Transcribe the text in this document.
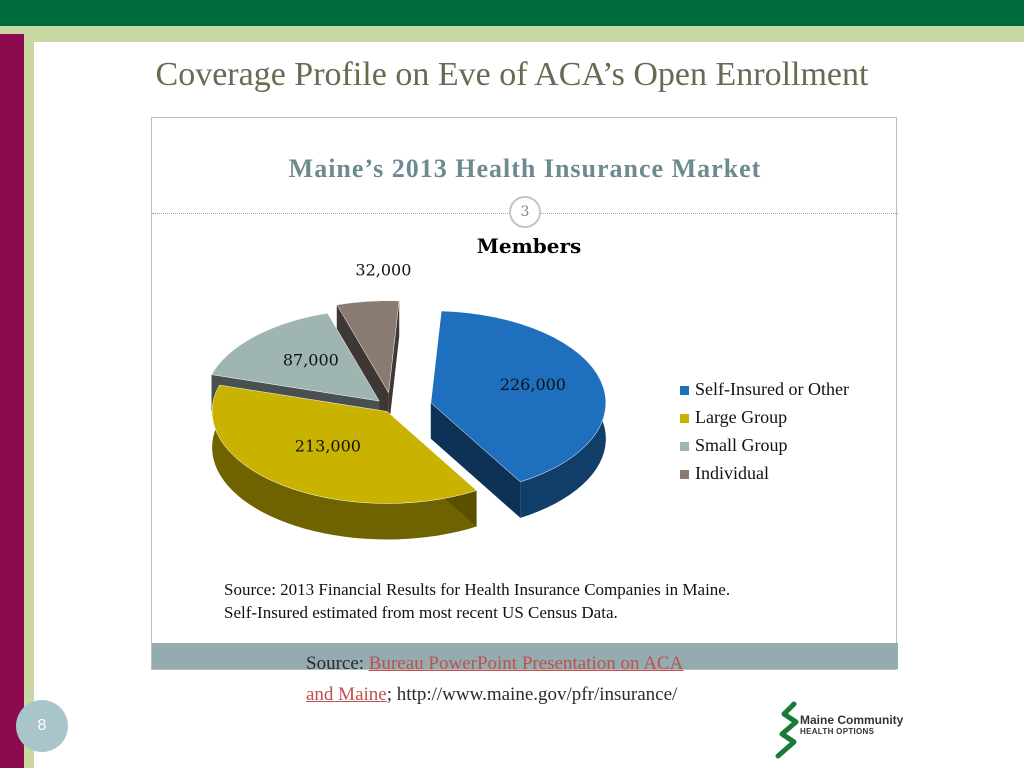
Coverage Profile on Eve of ACA’s Open Enrollment
Maine’s 2013 Health Insurance Market
3
Members
226,000
213,000
87,000
32,000
Self-Insured or Other
Large Group
Small Group
Individual
Source: 2013 Financial Results for Health Insurance Companies in Maine.
Self-Insured estimated from most recent US Census Data.
Source: Bureau PowerPoint Presentation on ACA
and Maine; http://www.maine.gov/pfr/insurance/
8	Maine Community
HEALTH OPTIONS
